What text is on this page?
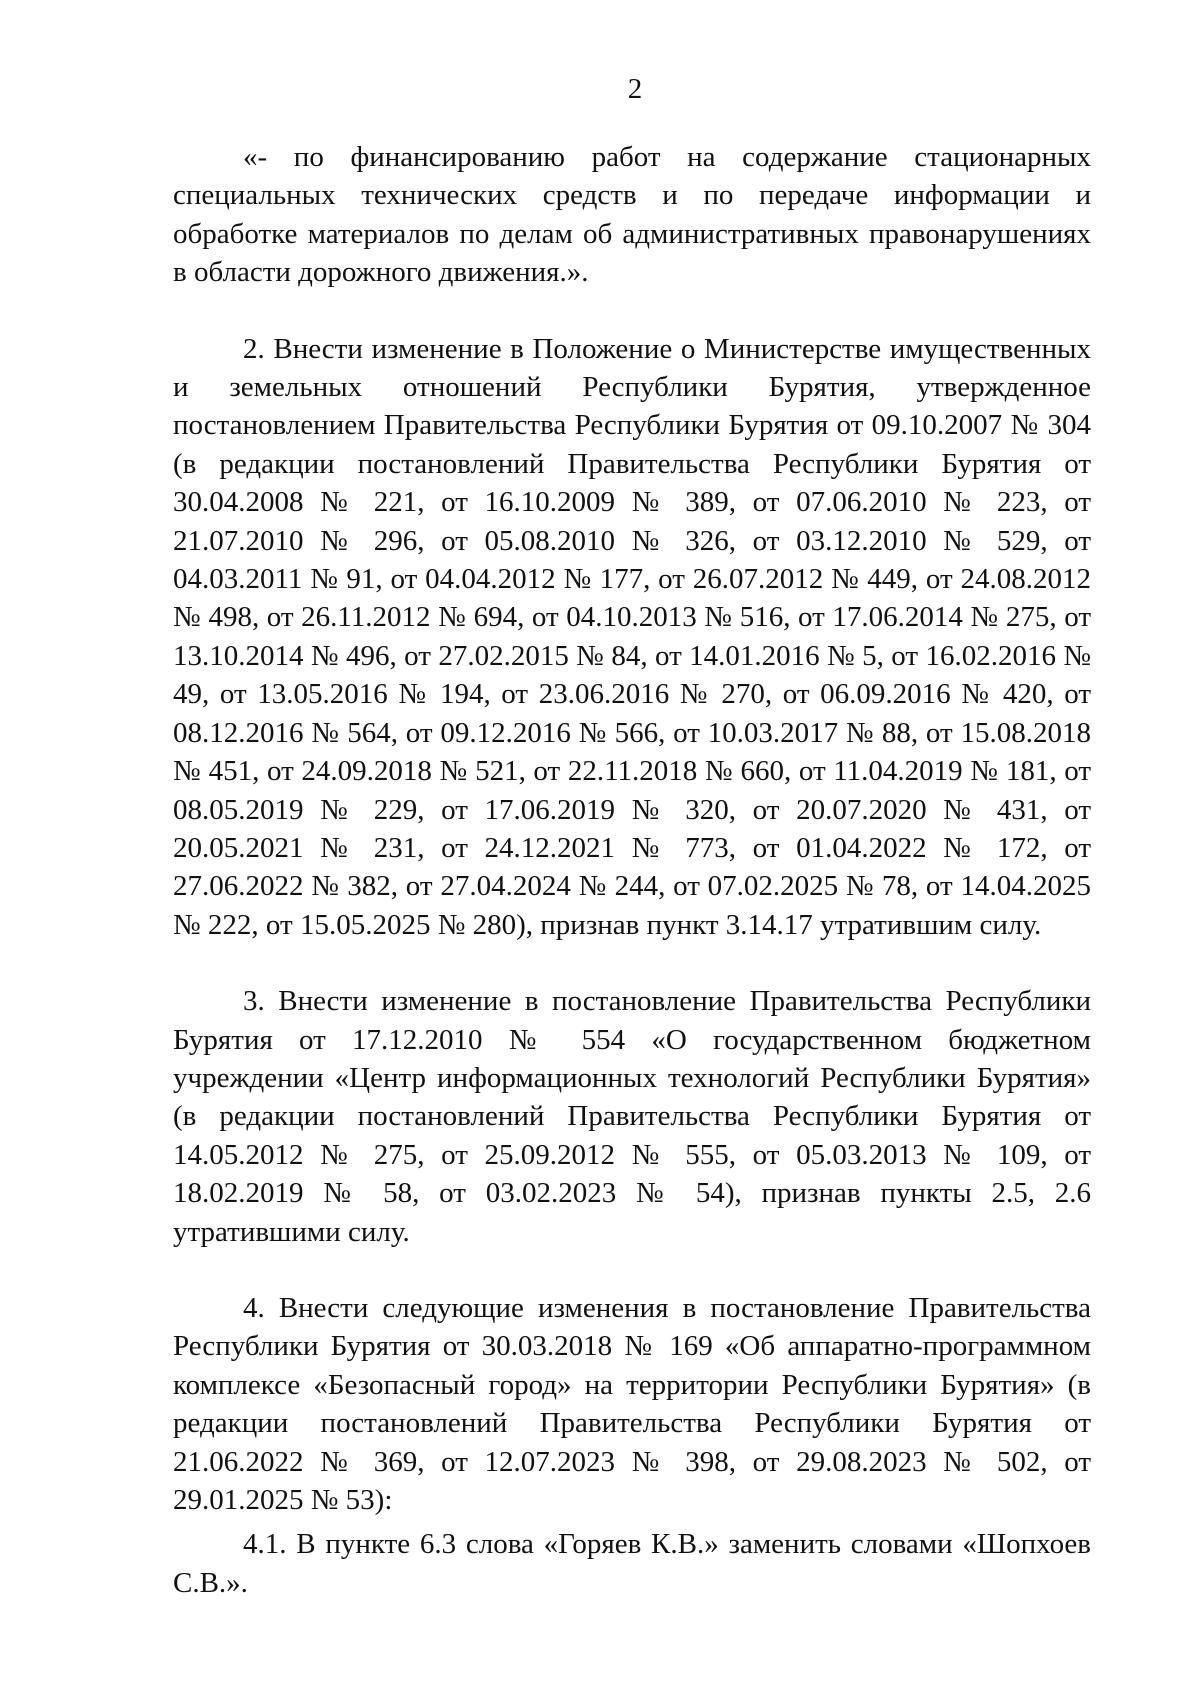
2

«- по финансированию работ на содержание стационарных специальных технических средств и по передаче информации и обработке материалов по делам об административных правонарушениях в области дорожного движения.».

2. Внести изменение в Положение о Министерстве имущественных и земельных отношений Республики Бурятия, утвержденное постановлением Правительства Республики Бурятия от 09.10.2007 № 304 (в редакции постановлений Правительства Республики Бурятия от 30.04.2008 № 221, от 16.10.2009 № 389, от 07.06.2010 № 223, от 21.07.2010 № 296, от 05.08.2010 № 326, от 03.12.2010 № 529, от 04.03.2011 № 91, от 04.04.2012 № 177, от 26.07.2012 № 449, от 24.08.2012 № 498, от 26.11.2012 № 694, от 04.10.2013 № 516, от 17.06.2014 № 275, от 13.10.2014 № 496, от 27.02.2015 № 84, от 14.01.2016 № 5, от 16.02.2016 № 49, от 13.05.2016 № 194, от 23.06.2016 № 270, от 06.09.2016 № 420, от 08.12.2016 № 564, от 09.12.2016 № 566, от 10.03.2017 № 88, от 15.08.2018 № 451, от 24.09.2018 № 521, от 22.11.2018 № 660, от 11.04.2019 № 181, от 08.05.2019 № 229, от 17.06.2019 № 320, от 20.07.2020 № 431, от 20.05.2021 № 231, от 24.12.2021 № 773, от 01.04.2022 № 172, от 27.06.2022 № 382, от 27.04.2024 № 244, от 07.02.2025 № 78, от 14.04.2025 № 222, от 15.05.2025 № 280), признав пункт 3.14.17 утратившим силу.

3. Внести изменение в постановление Правительства Республики Бурятия от 17.12.2010 № 554 «О государственном бюджетном учреждении «Центр информационных технологий Республики Бурятия» (в редакции постановлений Правительства Республики Бурятия от 14.05.2012 № 275, от 25.09.2012 № 555, от 05.03.2013 № 109, от 18.02.2019 № 58, от 03.02.2023 № 54), признав пункты 2.5, 2.6 утратившими силу.

4. Внести следующие изменения в постановление Правительства Республики Бурятия от 30.03.2018 № 169 «Об аппаратно-программном комплексе «Безопасный город» на территории Республики Бурятия» (в редакции постановлений Правительства Республики Бурятия от 21.06.2022 № 369, от 12.07.2023 № 398, от 29.08.2023 № 502, от 29.01.2025 № 53):

4.1. В пункте 6.3 слова «Горяев К.В.» заменить словами «Шопхоев С.В.».
